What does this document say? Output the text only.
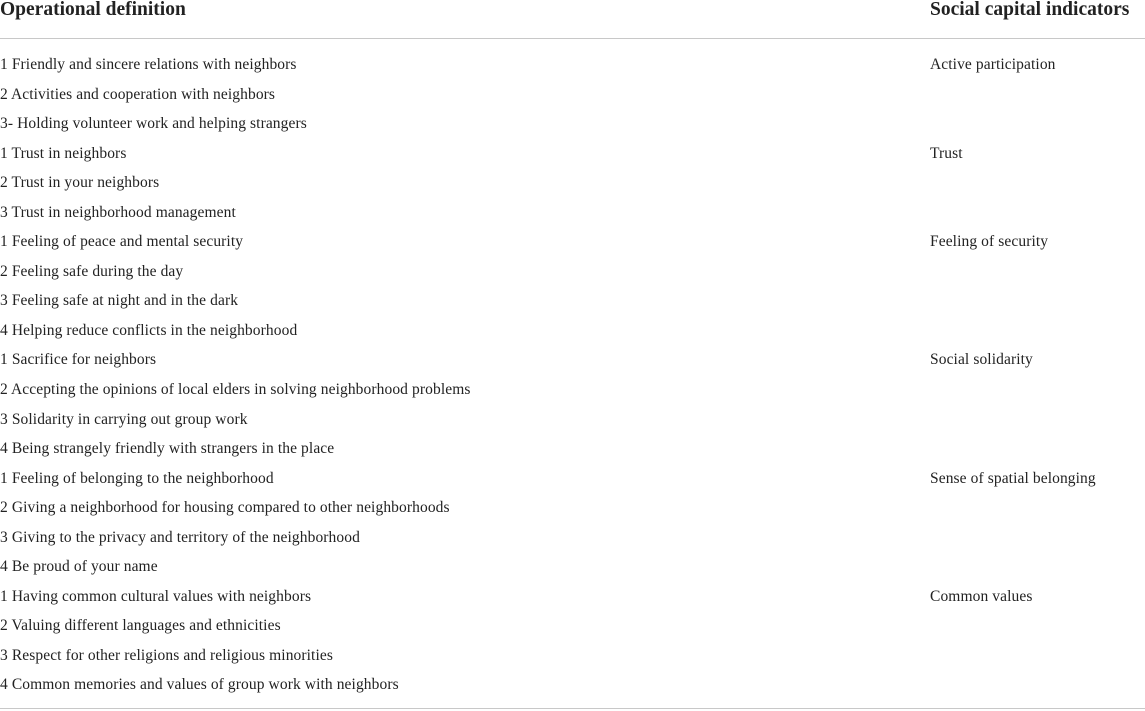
Operational definition	Social capital indicators
1 Friendly and sincere relations with neighbors	Active participation
2 Activities and cooperation with neighbors
3- Holding volunteer work and helping strangers
1 Trust in neighbors	Trust
2 Trust in your neighbors
3 Trust in neighborhood management
1 Feeling of peace and mental security	Feeling of security
2 Feeling safe during the day
3 Feeling safe at night and in the dark
4 Helping reduce conflicts in the neighborhood
1 Sacrifice for neighbors	Social solidarity
2 Accepting the opinions of local elders in solving neighborhood problems
3 Solidarity in carrying out group work
4 Being strangely friendly with strangers in the place
1 Feeling of belonging to the neighborhood	Sense of spatial belonging
2 Giving a neighborhood for housing compared to other neighborhoods
3 Giving to the privacy and territory of the neighborhood
4 Be proud of your name
1 Having common cultural values with neighbors	Common values
2 Valuing different languages and ethnicities
3 Respect for other religions and religious minorities
4 Common memories and values of group work with neighbors
